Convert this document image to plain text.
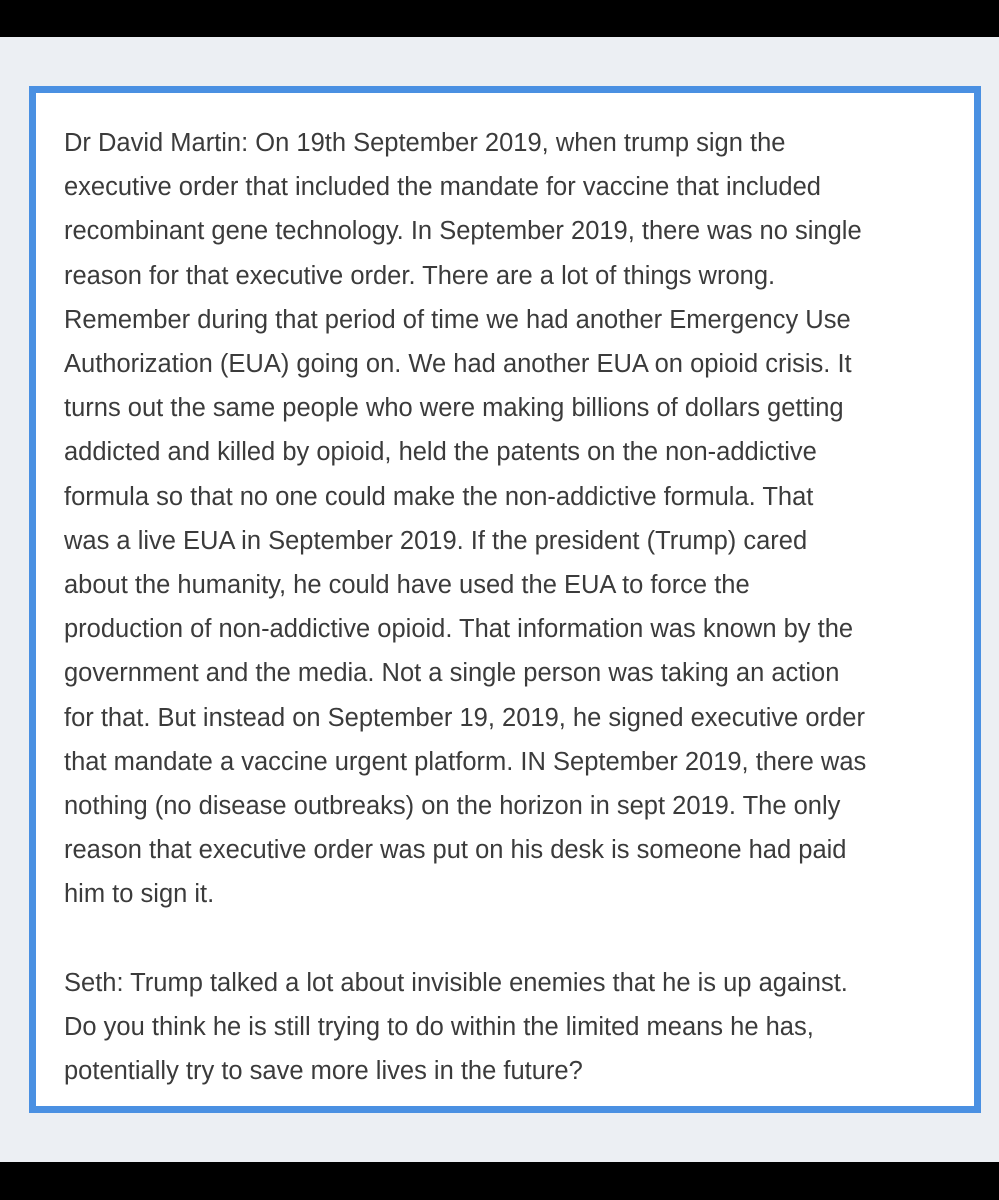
Dr David Martin: On 19th September 2019, when trump sign the
executive order that included the mandate for vaccine that included
recombinant gene technology. In September 2019, there was no single
reason for that executive order. There are a lot of things wrong.
Remember during that period of time we had another Emergency Use
Authorization (EUA) going on. We had another EUA on opioid crisis. It
turns out the same people who were making billions of dollars getting
addicted and killed by opioid, held the patents on the non-addictive
formula so that no one could make the non-addictive formula. That
was a live EUA in September 2019. If the president (Trump) cared
about the humanity, he could have used the EUA to force the
production of non-addictive opioid. That information was known by the
government and the media. Not a single person was taking an action
for that. But instead on September 19, 2019, he signed executive order
that mandate a vaccine urgent platform. IN September 2019, there was
nothing (no disease outbreaks) on the horizon in sept 2019. The only
reason that executive order was put on his desk is someone had paid
him to sign it.
Seth: Trump talked a lot about invisible enemies that he is up against.
Do you think he is still trying to do within the limited means he has,
potentially try to save more lives in the future?
